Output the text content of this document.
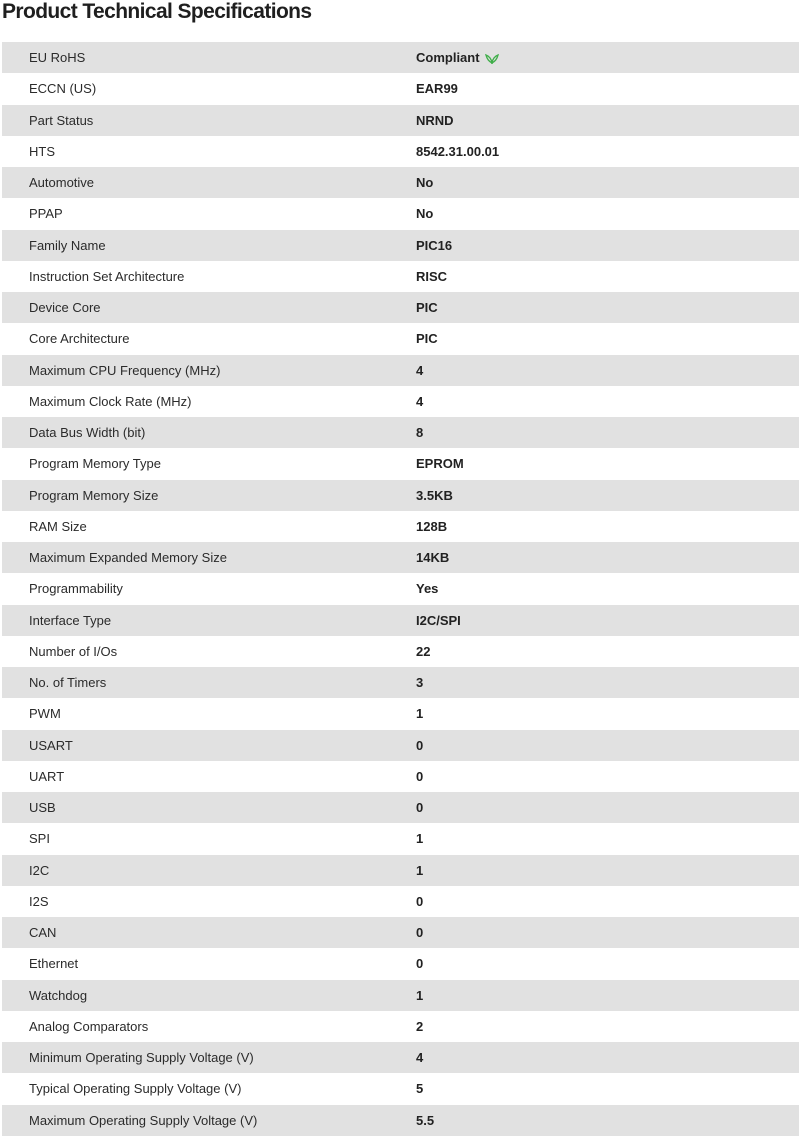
Product Technical Specifications
EU RoHS	Compliant
ECCN (US)	EAR99
Part Status	NRND
HTS	8542.31.00.01
Automotive	No
PPAP	No
Family Name	PIC16
Instruction Set Architecture	RISC
Device Core	PIC
Core Architecture	PIC
Maximum CPU Frequency (MHz)	4
Maximum Clock Rate (MHz)	4
Data Bus Width (bit)	8
Program Memory Type	EPROM
Program Memory Size	3.5KB
RAM Size	128B
Maximum Expanded Memory Size	14KB
Programmability	Yes
Interface Type	I2C/SPI
Number of I/Os	22
No. of Timers	3
PWM	1
USART	0
UART	0
USB	0
SPI	1
I2C	1
I2S	0
CAN	0
Ethernet	0
Watchdog	1
Analog Comparators	2
Minimum Operating Supply Voltage (V)	4
Typical Operating Supply Voltage (V)	5
Maximum Operating Supply Voltage (V)	5.5
